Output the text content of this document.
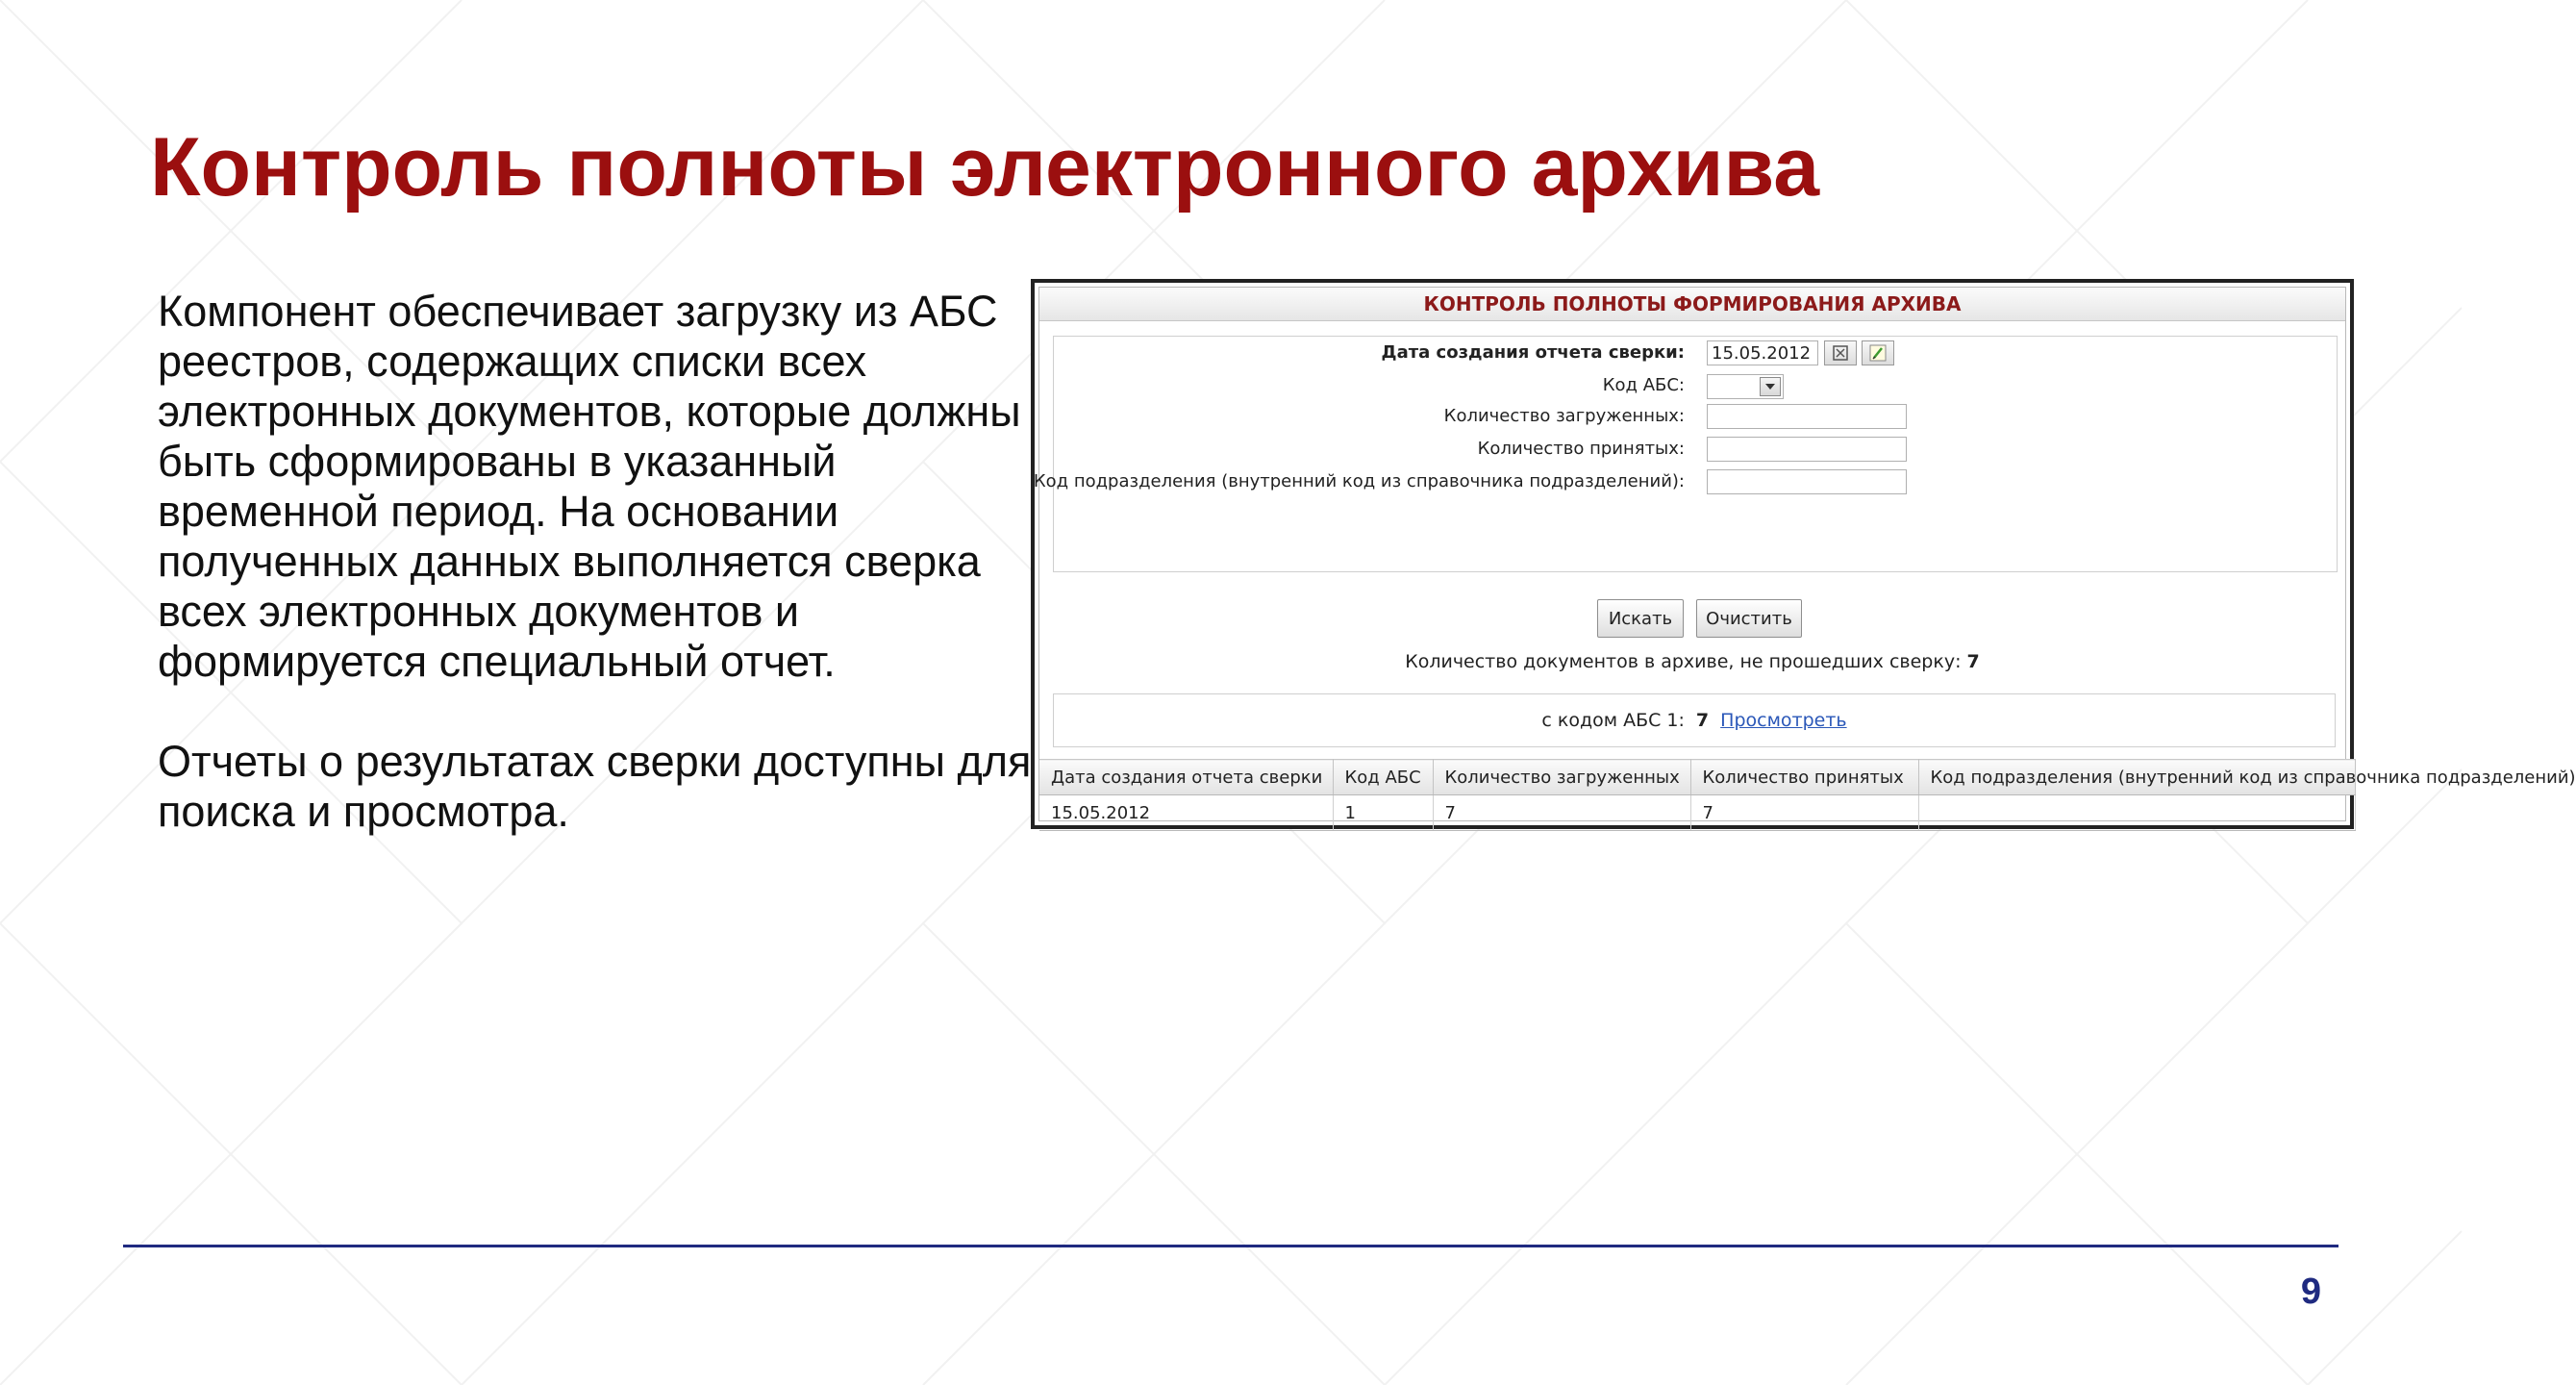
Контроль полноты электронного архива

Компонент обеспечивает загрузку из АБС реестров, содержащих списки всех электронных документов, которые должны быть сформированы в указанный временной период. На основании полученных данных выполняется сверка всех электронных документов и формируется специальный отчет.

Отчеты о результатах сверки доступны для поиска и просмотра.

КОНТРОЛЬ ПОЛНОТЫ ФОРМИРОВАНИЯ АРХИВА
Дата создания отчета сверки:
15.05.2012
Код АБС:
Количество загруженных:
Количество принятых:
Код подразделения (внутренний код из справочника подразделений):
Искать	Очистить
Количество документов в архиве, не прошедших сверку: 7
с кодом АБС 1: 7 Просмотреть
Дата создания отчета сверки	Код АБС	Количество загруженных	Количество принятых	Код подразделения (внутренний код из справочника подразделений)
15.05.2012	1	7	7	
9
